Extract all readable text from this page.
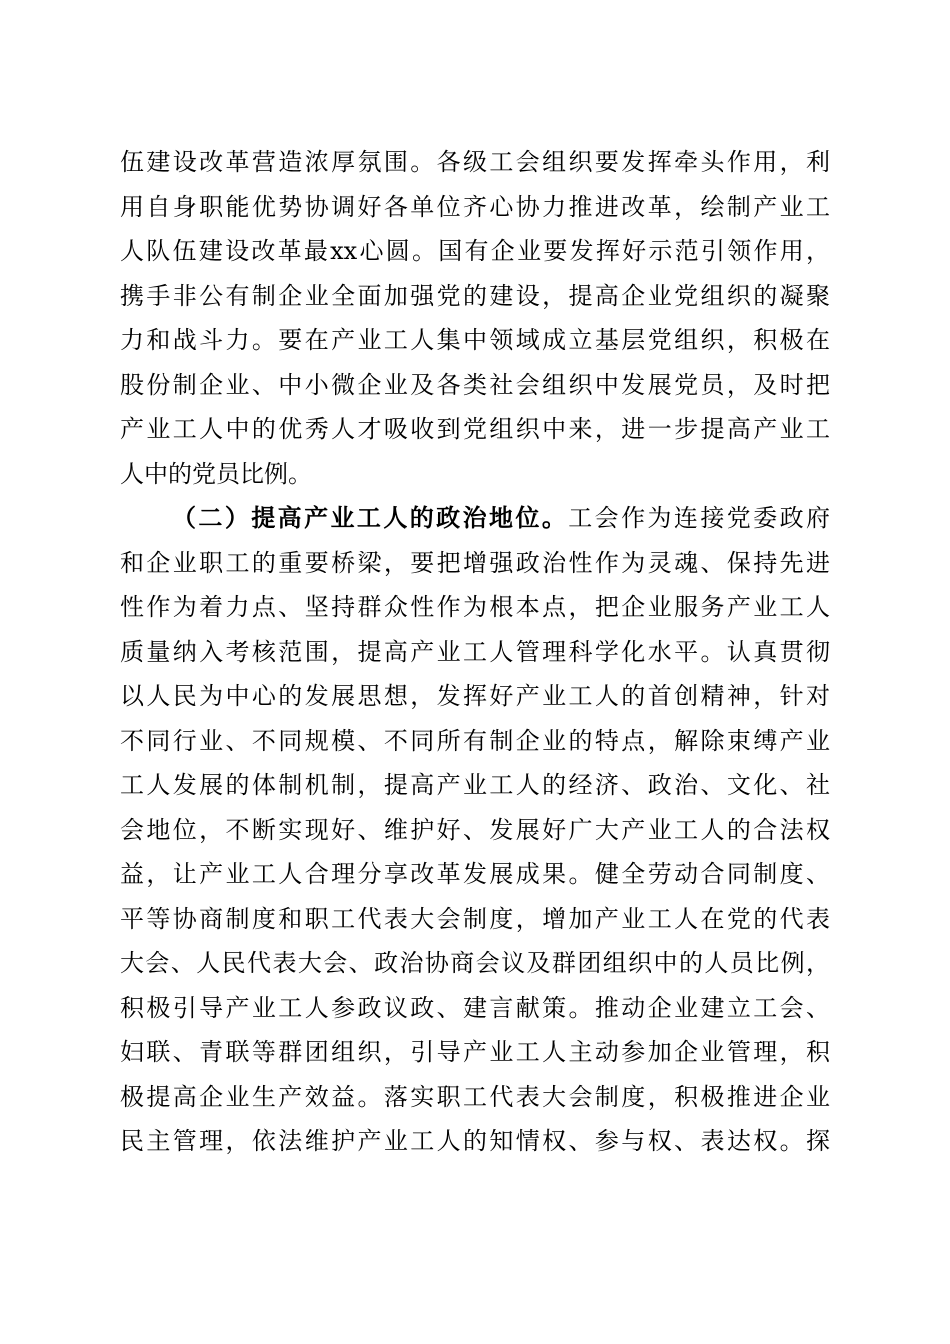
伍建设改革营造浓厚氛围。各级工会组织要发挥牵头作用，利
用自身职能优势协调好各单位齐心协力推进改革，绘制产业工
人队伍建设改革最xx心圆。国有企业要发挥好示范引领作用，
携手非公有制企业全面加强党的建设，提高企业党组织的凝聚
力和战斗力。要在产业工人集中领域成立基层党组织，积极在
股份制企业、中小微企业及各类社会组织中发展党员，及时把
产业工人中的优秀人才吸收到党组织中来，进一步提高产业工
人中的党员比例。
（二）提高产业工人的政治地位。工会作为连接党委政府
和企业职工的重要桥梁，要把增强政治性作为灵魂、保持先进
性作为着力点、坚持群众性作为根本点，把企业服务产业工人
质量纳入考核范围，提高产业工人管理科学化水平。认真贯彻
以人民为中心的发展思想，发挥好产业工人的首创精神，针对
不同行业、不同规模、不同所有制企业的特点，解除束缚产业
工人发展的体制机制，提高产业工人的经济、政治、文化、社
会地位，不断实现好、维护好、发展好广大产业工人的合法权
益，让产业工人合理分享改革发展成果。健全劳动合同制度、
平等协商制度和职工代表大会制度，增加产业工人在党的代表
大会、人民代表大会、政治协商会议及群团组织中的人员比例，
积极引导产业工人参政议政、建言献策。推动企业建立工会、
妇联、青联等群团组织，引导产业工人主动参加企业管理，积
极提高企业生产效益。落实职工代表大会制度，积极推进企业
民主管理，依法维护产业工人的知情权、参与权、表达权。探
